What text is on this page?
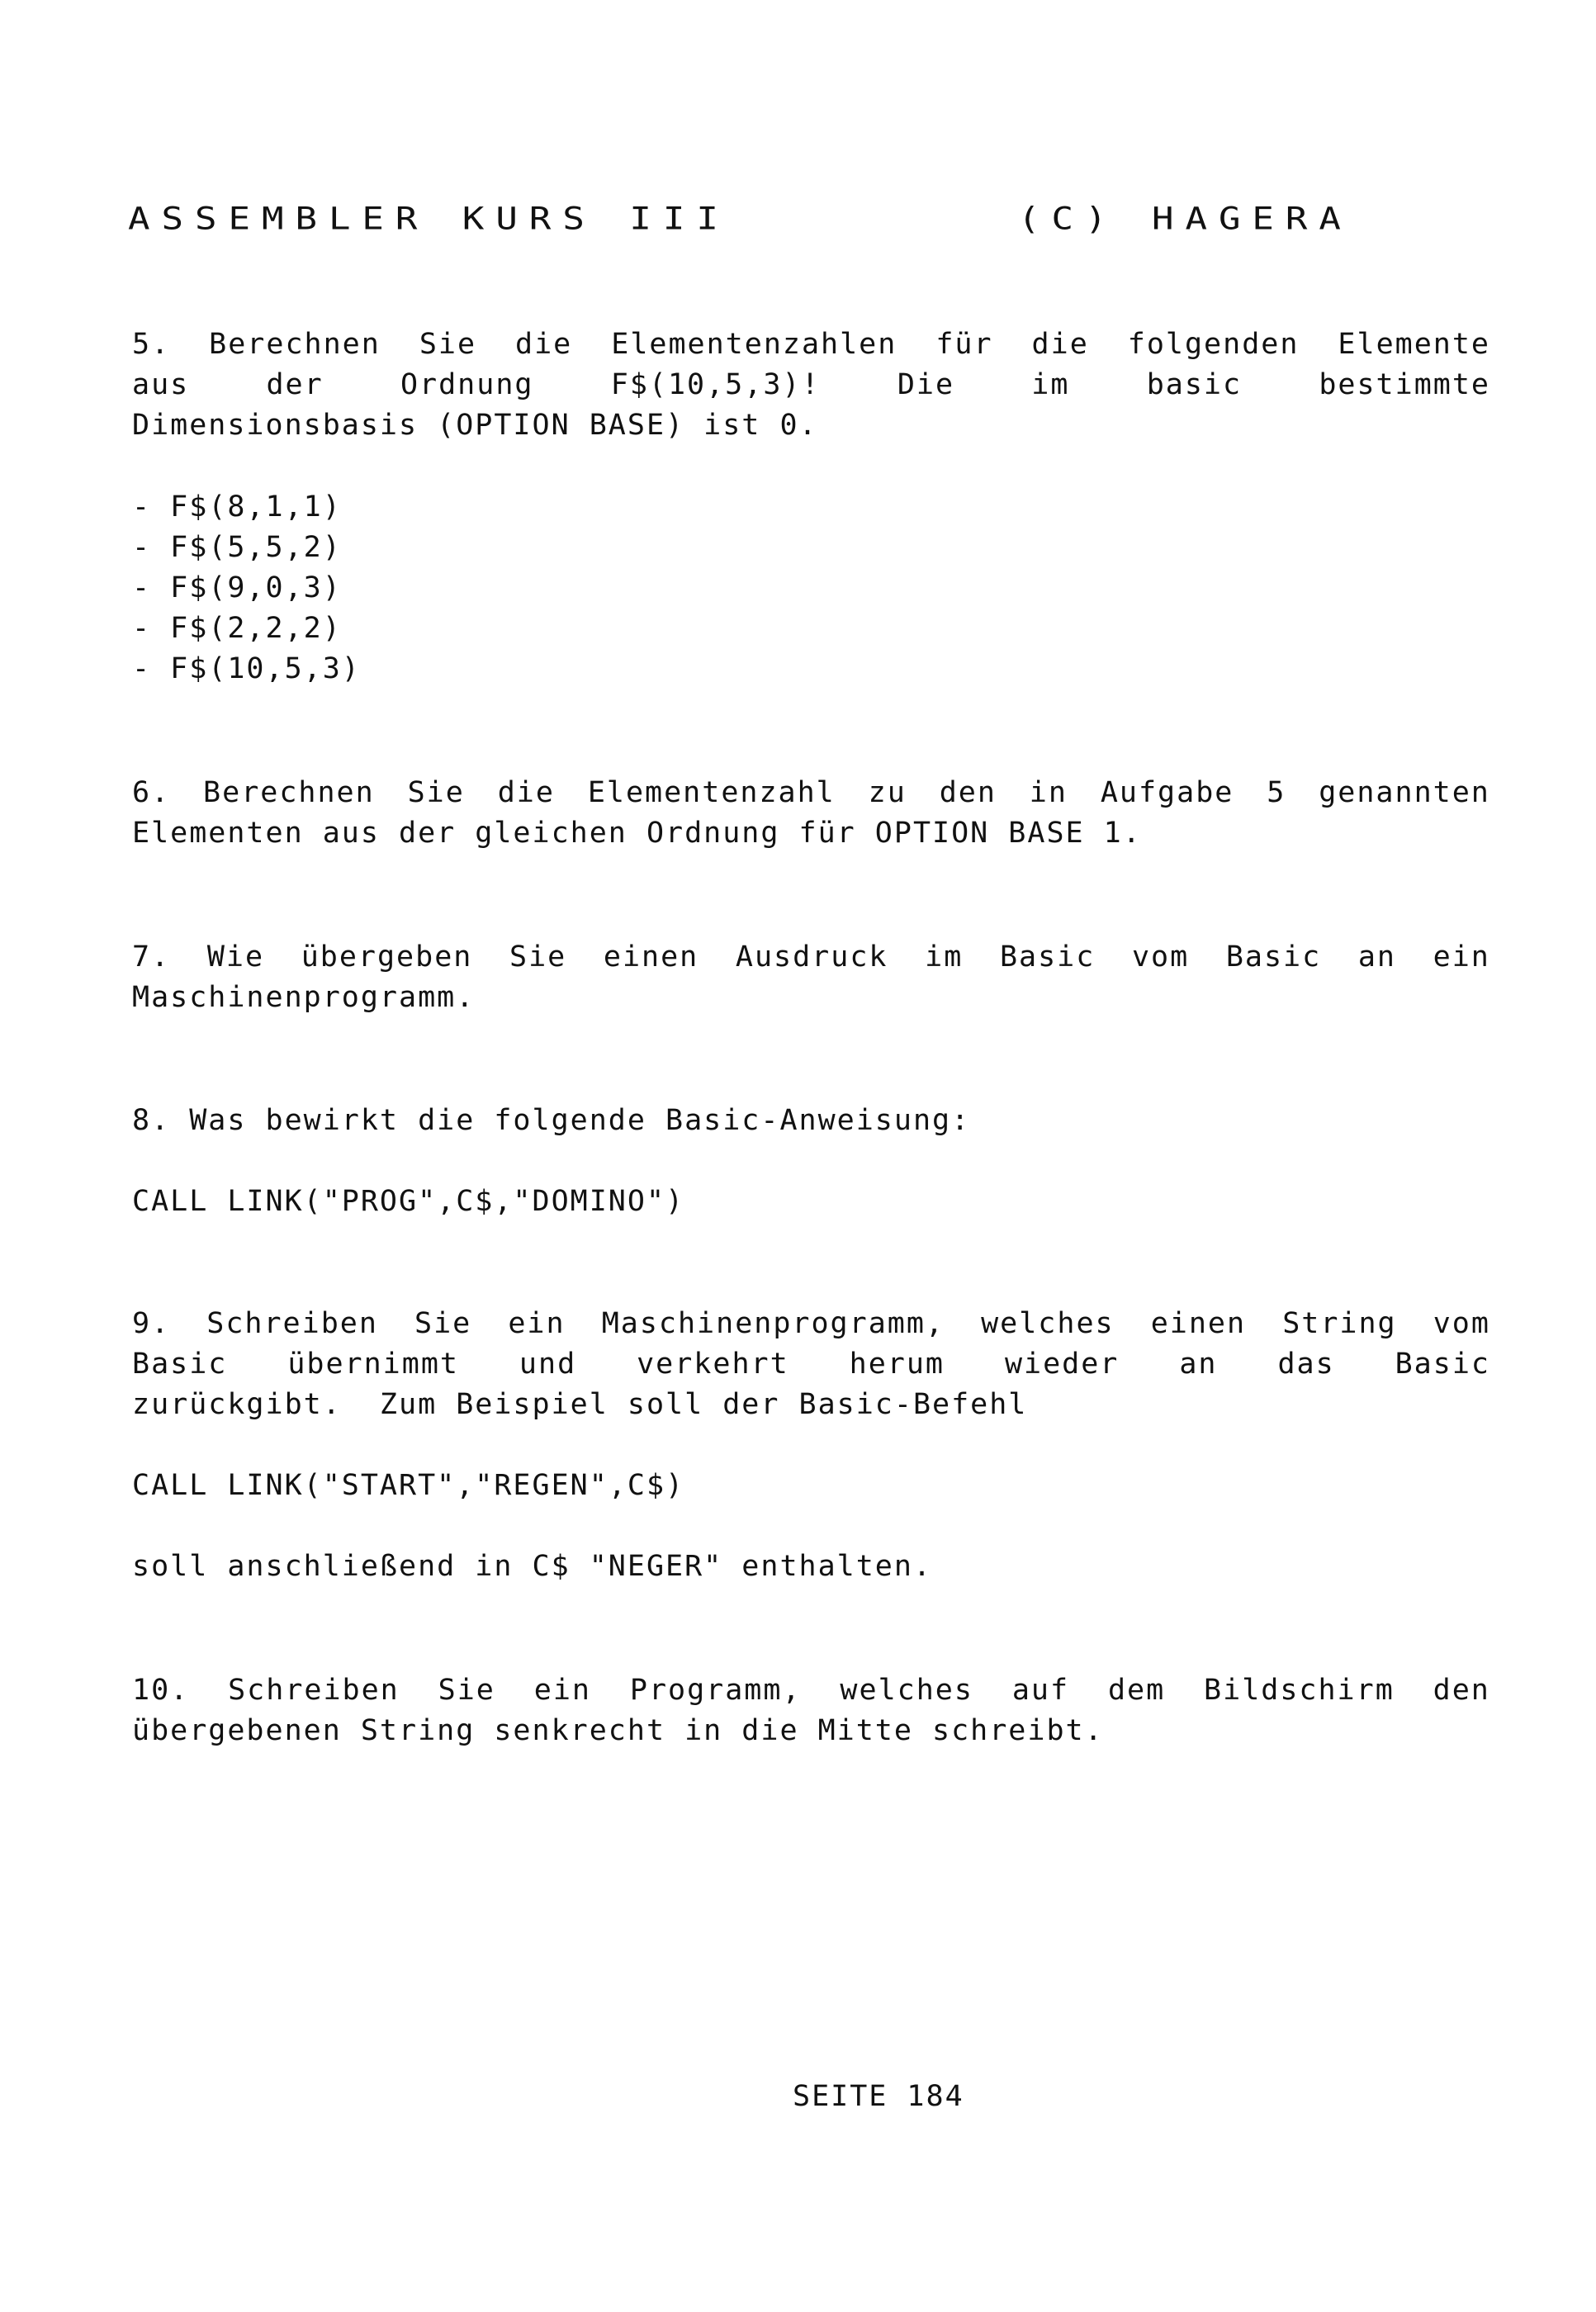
ASSEMBLER KURS III	(C) HAGERA
5. Berechnen Sie die Elementenzahlen für die folgenden Elemente
aus	der	Ordnung	F$(10,5,3)!	Die	im	basic	bestimmte
Dimensionsbasis (OPTION BASE) ist 0.
- F$(8,1,1)
- F$(5,5,2)
- F$(9,0,3)
- F$(2,2,2)
- F$(10,5,3)
6. Berechnen Sie die Elementenzahl zu den in Aufgabe 5 genannten
Elementen aus der gleichen Ordnung für OPTION BASE 1.
7. Wie übergeben Sie einen Ausdruck im Basic vom Basic an ein
Maschinenprogramm.
8. Was bewirkt die folgende Basic-Anweisung:
CALL LINK("PROG",C$,"DOMINO")
9. Schreiben Sie ein Maschinenprogramm, welches einen String vom
Basic übernimmt und verkehrt herum wieder an das Basic
zurückgibt.  Zum Beispiel soll der Basic-Befehl
CALL LINK("START","REGEN",C$)
soll anschließend in C$ "NEGER" enthalten.
10. Schreiben Sie ein Programm, welches auf dem Bildschirm den
übergebenen String senkrecht in die Mitte schreibt.
SEITE 184
